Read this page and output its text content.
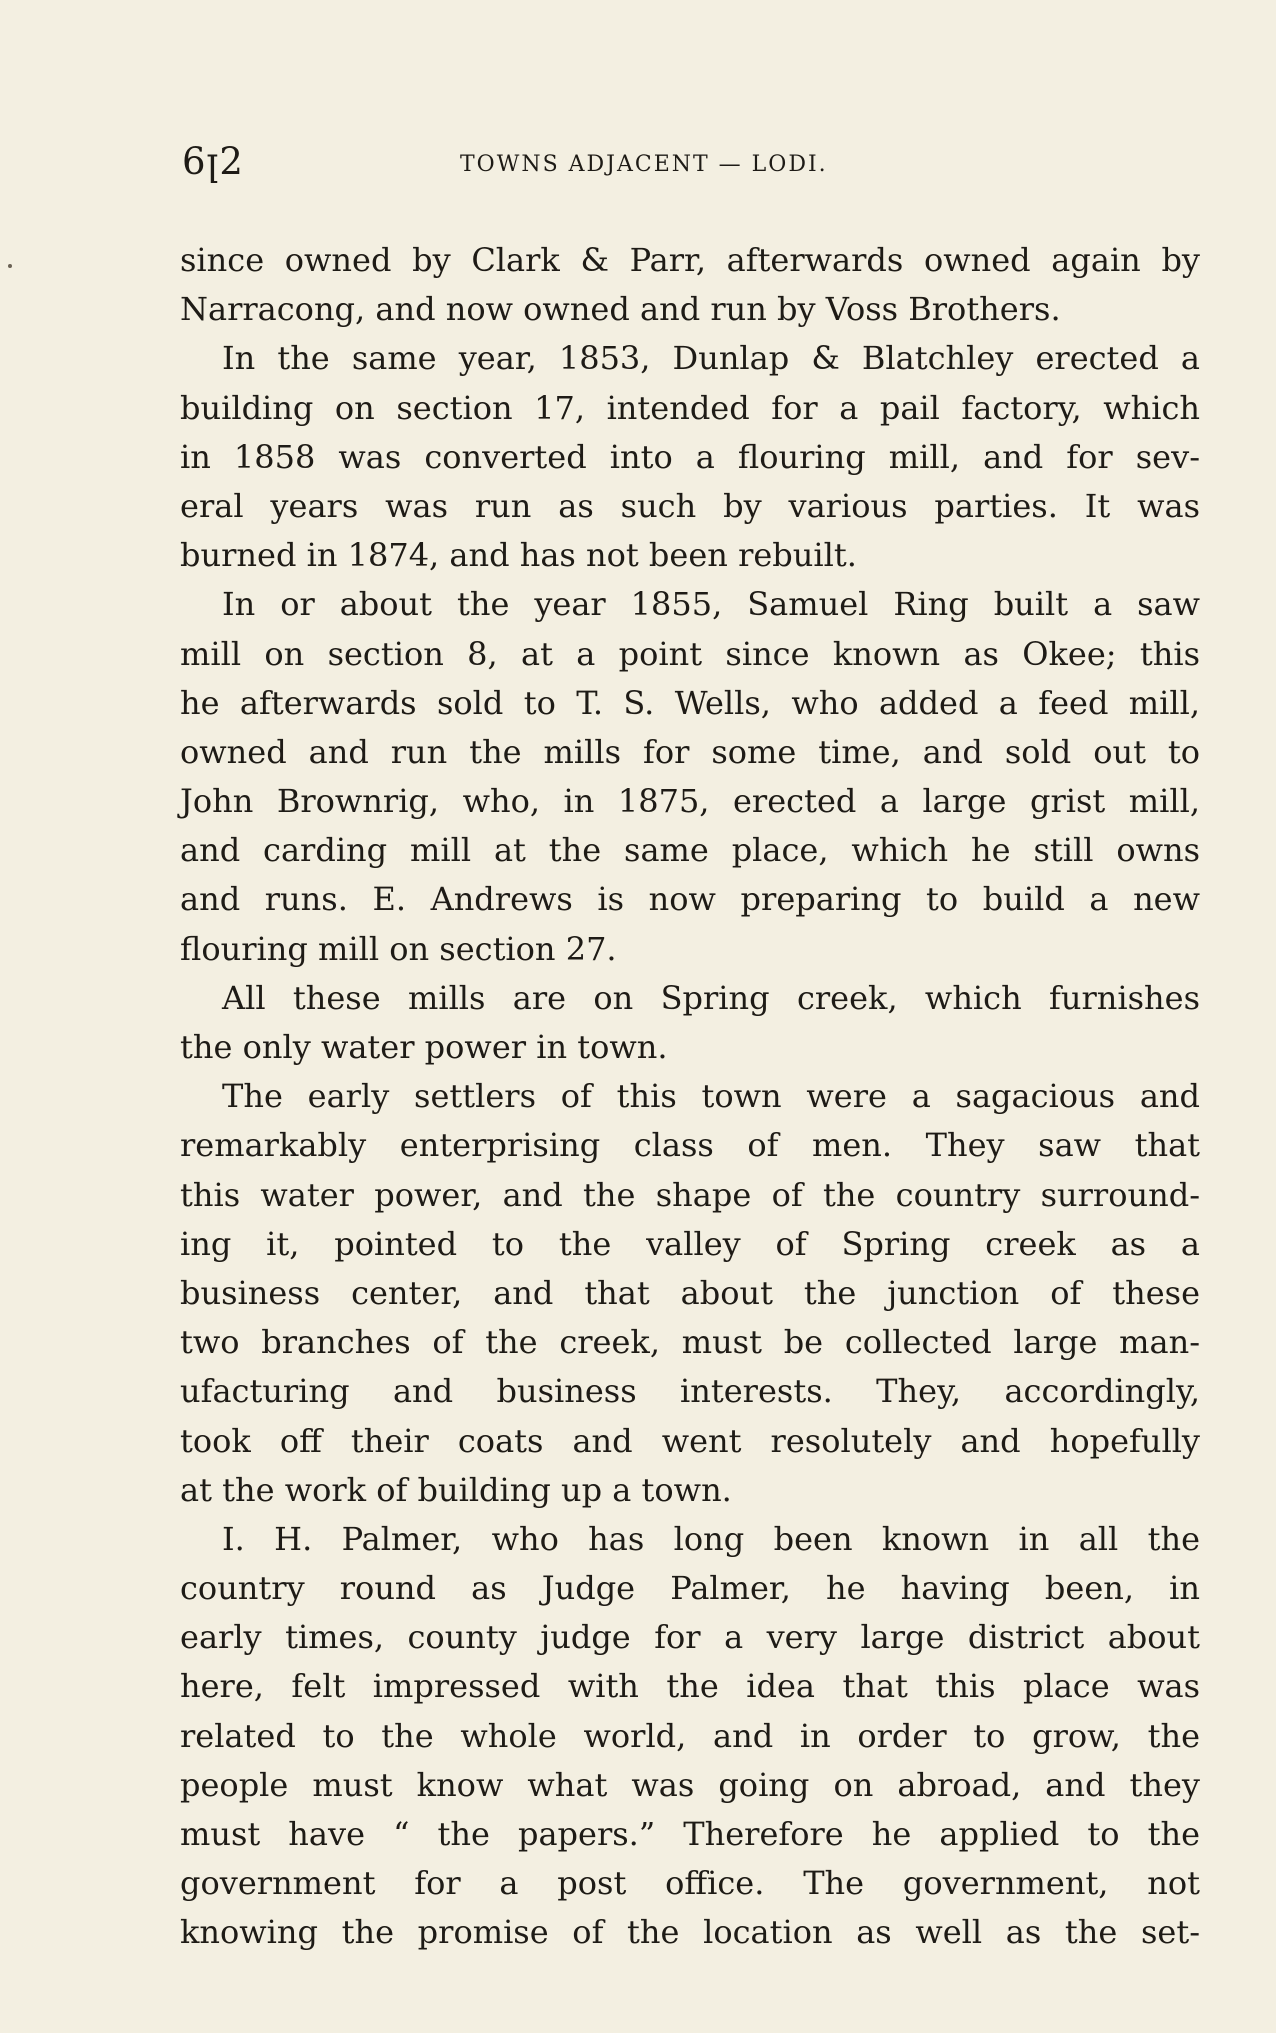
6ꞁ2	TOWNS ADJACENT — LODI.
since owned by Clark & Parr, afterwards owned again by
Narracong, and now owned and run by Voss Brothers.
In the same year, 1853, Dunlap & Blatchley erected a
building on section 17, intended for a pail factory, which
in 1858 was converted into a flouring mill, and for sev-
eral years was run as such by various parties. It was
burned in 1874, and has not been rebuilt.
In or about the year 1855, Samuel Ring built a saw
mill on section 8, at a point since known as Okee; this
he afterwards sold to T. S. Wells, who added a feed mill,
owned and run the mills for some time, and sold out to
John Brownrig, who, in 1875, erected a large grist mill,
and carding mill at the same place, which he still owns
and runs. E. Andrews is now preparing to build a new
flouring mill on section 27.
All these mills are on Spring creek, which furnishes
the only water power in town.
The early settlers of this town were a sagacious and
remarkably enterprising class of men. They saw that
this water power, and the shape of the country surround-
ing it, pointed to the valley of Spring creek as a
business center, and that about the junction of these
two branches of the creek, must be collected large man-
ufacturing and business interests. They, accordingly,
took off their coats and went resolutely and hopefully
at the work of building up a town.
I. H. Palmer, who has long been known in all the
country round as Judge Palmer, he having been, in
early times, county judge for a very large district about
here, felt impressed with the idea that this place was
related to the whole world, and in order to grow, the
people must know what was going on abroad, and they
must have “ the papers.” Therefore he applied to the
government for a post office. The government, not
knowing the promise of the location as well as the set-
